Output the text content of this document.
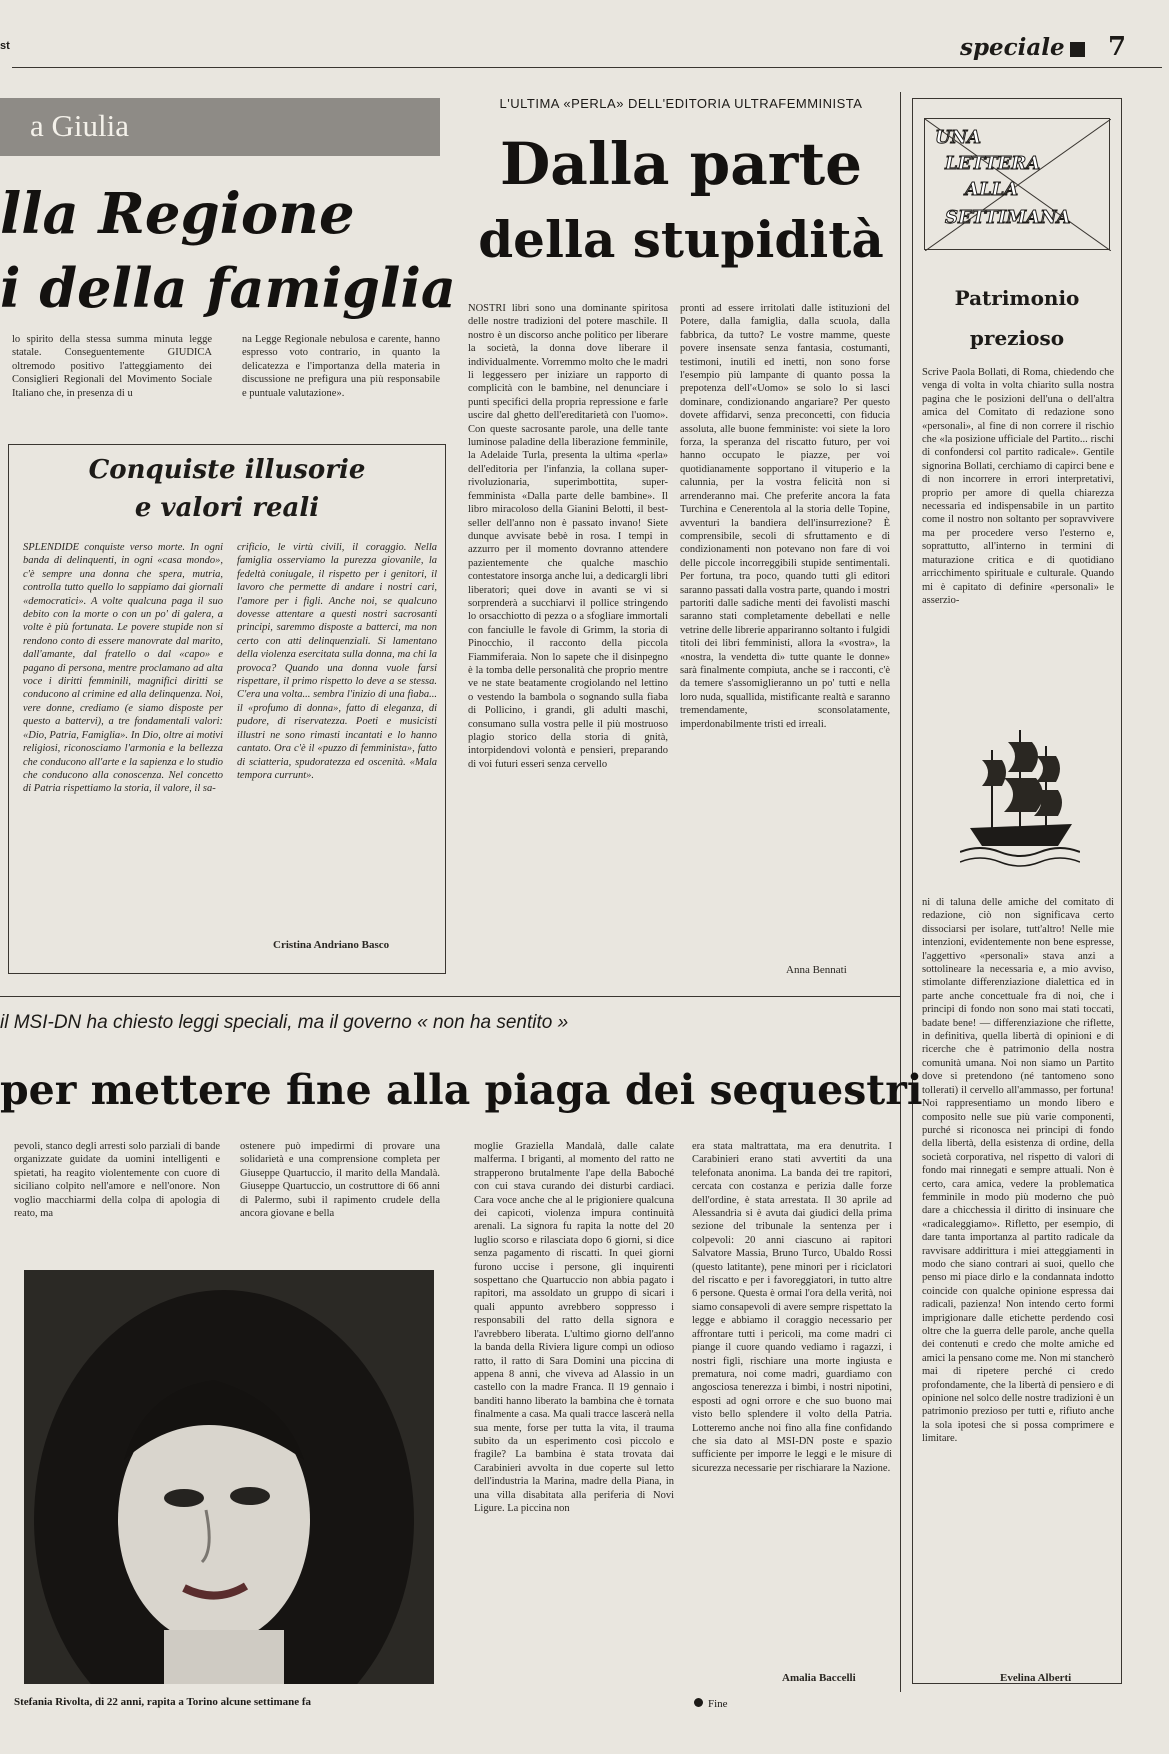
st	speciale 7
a Giulia
lla Regione
i della famiglia

lo spirito della stessa summa minuta legge statale. Conseguentemente GIUDICA oltremodo positivo l'atteggiamento dei Consiglieri Regionali del Movimento Sociale Italiano che, in presenza di u

na Legge Regionale nebulosa e carente, hanno espresso voto contrario, in quanto la delicatezza e l'importanza della materia in discussione ne prefigura una più responsabile e puntuale valutazione».

Conquiste illusorie
e valori reali

SPLENDIDE conquiste verso morte. In ogni banda di delinquenti, in ogni «casa mondo», c'è sempre una donna che spera, mutria, controlla tutto quello lo sappiamo dai giornali «democratici». A volte qualcuna paga il suo debito con la morte o con un po' di galera, a volte è più fortunata. Le povere stupide non si rendono conto di essere manovrate dal marito, dall'amante, dal fratello o dal «capo» e pagano di persona, mentre proclamano ad alta voce i diritti femminili, magnifici diritti se conducono al crimine ed alla delinquenza. Noi, vere donne, crediamo (e siamo disposte per questo a battervi), a tre fondamentali valori: «Dio, Patria, Famiglia». In Dio, oltre ai motivi religiosi, riconosciamo l'armonia e la bellezza che conducono all'arte e la sapienza e lo studio che conducono alla conoscenza. Nel concetto di Patria rispettiamo la storia, il valore, il sa-

crificio, le virtù civili, il coraggio. Nella famiglia osserviamo la purezza giovanile, la fedeltà coniugale, il rispetto per i genitori, il lavoro che permette di andare i nostri cari, l'amore per i figli. Anche noi, se qualcuno dovesse attentare a questi nostri sacrosanti principi, saremmo disposte a batterci, ma non certo con atti delinquenziali. Si lamentano della violenza esercitata sulla donna, ma chi la provoca? Quando una donna vuole farsi rispettare, il primo rispetto lo deve a se stessa. C'era una volta... sembra l'inizio di una fiaba... il «profumo di donna», fatto di eleganza, di pudore, di riservatezza. Poeti e musicisti illustri ne sono rimasti incantati e lo hanno cantato. Ora c'è il «puzzo di femminista», fatto di sciatteria, spudoratezza ed oscenità. «Mala tempora currunt».

Cristina Andriano Basco
L'ULTIMA «PERLA» DELL'EDITORIA ULTRAFEMMINISTA
Dalla parte
della stupidità

NOSTRI libri sono una dominante spiritosa delle nostre tradizioni del potere maschile. Il nostro è un discorso anche politico per liberare la società, la donna dove liberare il individualmente. Vorremmo molto che le madri li leggessero per iniziare un rapporto di complicità con le bambine, nel denunciare i punti specifici della propria repressione e farle uscire dal ghetto dell'ereditarietà con l'uomo». Con queste sacrosante parole, una delle tante luminose paladine della liberazione femminile, la Adelaide Turla, presenta la ultima «perla» dell'editoria per l'infanzia, la collana super-rivoluzionaria, superimbottita, super-femminista «Dalla parte delle bambine». Il libro miracoloso della Gianini Belotti, il best-seller dell'anno non è passato invano! Siete dunque avvisate bebè in rosa. I tempi in azzurro per il momento dovranno attendere pazientemente che qualche maschio contestatore insorga anche lui, a dedicargli libri liberatori; quei dove in avanti se vi si sorprenderà a succhiarvi il pollice stringendo lo orsacchiotto di pezza o a sfogliare immortali con fanciulle le favole di Grimm, la storia di Pinocchio, il racconto della piccola Fiammiferaia. Non lo sapete che il disinpegno è la tomba delle personalità che proprio mentre ve ne state beatamente crogiolando nel lettino o vestendo la bambola o sognando sulla fiaba di Pollicino, i grandi, gli adulti maschi, consumano sulla vostra pelle il più mostruoso plagio storico della storia di gnità, intorpidendovi volontà e pensieri, preparando di voi futuri esseri senza cervello

pronti ad essere irritolati dalle istituzioni del Potere, dalla famiglia, dalla scuola, dalla fabbrica, da tutto? Le vostre mamme, queste povere insensate senza fantasia, costumanti, testimoni, inutili ed inetti, non sono forse l'esempio più lampante di quanto possa la prepotenza dell'«Uomo» se solo lo si lasci dominare, condizionando angariare? Per questo dovete affidarvi, senza preconcetti, con fiducia assoluta, alle buone femministe: voi siete la loro forza, la speranza del riscatto futuro, per voi hanno occupato le piazze, per voi quotidianamente sopportano il vituperio e la calunnia, per la vostra felicità non si arrenderanno mai. Che preferite ancora la fata Turchina e Cenerentola al la storia delle Topine, avventuri la bandiera dell'insurrezione? È comprensibile, secoli di sfruttamento e di condizionamenti non potevano non fare di voi delle piccole incorreggibili stupide sentimentali. Per fortuna, tra poco, quando tutti gli editori saranno passati dalla vostra parte, quando i mostri partoriti dalle sadiche menti dei favolisti maschi saranno stati completamente debellati e nelle vetrine delle librerie appariranno soltanto i fulgidi titoli dei libri femministi, allora la «vostra», la «nostra, la vendetta di» tutte quante le donne» sarà finalmente compiuta, anche se i racconti, c'è da temere s'assomiglieranno un po' tutti e nella loro nuda, squallida, mistificante realtà e saranno tremendamente, sconsolatamente, imperdonabilmente tristi ed irreali.

Anna Bennati
UNA
LETTERA
ALLA
SETTIMANA
Patrimonio
prezioso

Scrive Paola Bollati, di Roma, chiedendo che venga di volta in volta chiarito sulla nostra pagina che le posizioni dell'una o dell'altra amica del Comitato di redazione sono «personali», al fine di non correre il rischio che «la posizione ufficiale del Partito... rischi di confondersi col partito radicale». Gentile signorina Bollati, cerchiamo di capirci bene e di non incorrere in errori interpretativi, proprio per amore di quella chiarezza necessaria ed indispensabile in un partito come il nostro non soltanto per sopravvivere ma per procedere verso l'esterno e, soprattutto, all'interno in termini di maturazione critica e di quotidiano arricchimento spirituale e culturale. Quando mi è capitato di definire «personali» le asserzio-

ni di taluna delle amiche del comitato di redazione, ciò non significava certo dissociarsi per isolare, tutt'altro! Nelle mie intenzioni, evidentemente non bene espresse, l'aggettivo «personali» stava anzi a sottolineare la necessaria e, a mio avviso, stimolante differenziazione dialettica ed in parte anche concettuale fra di noi, che i principi di fondo non sono mai stati toccati, badate bene! — differenziazione che riflette, in definitiva, quella libertà di opinioni e di ricerche che è patrimonio della nostra comunità umana. Noi non siamo un Partito dove si pretendono (né tantomeno sono tollerati) il cervello all'ammasso, per fortuna! Noi rappresentiamo un mondo libero e composito nelle sue più varie componenti, purché si riconosca nei principi di fondo della libertà, della esistenza di ordine, della società corporativa, nel rispetto di valori di fondo mai rinnegati e sempre attuali. Non è certo, cara amica, vedere la problematica femminile in modo più moderno che può dare a chicchessia il diritto di insinuare che «radicaleggiamo». Rifletto, per esempio, di dare tanta importanza al partito radicale da ravvisare addirittura i miei atteggiamenti in modo che siano contrari ai suoi, quello che penso mi piace dirlo e la condannata indotto coincide con qualche opinione espressa dai radicali, pazienza! Non intendo certo formi imprigionare dalle etichette perdendo così oltre che la guerra delle parole, anche quella dei contenuti e credo che molte amiche ed amici la pensano come me. Non mi stancherò mai di ripetere perché ci credo profondamente, che la libertà di pensiero e di opinione nel solco delle nostre tradizioni è un patrimonio prezioso per tutti e, rifiuto anche la sola ipotesi che si possa comprimere e limitare.

Evelina Alberti
il MSI-DN ha chiesto leggi speciali, ma il governo « non ha sentito »
per mettere fine alla piaga dei sequestri

pevoli, stanco degli arresti solo parziali di bande organizzate guidate da uomini intelligenti e spietati, ha reagito violentemente con cuore di siciliano colpito nell'amore e nell'onore. Non voglio macchiarmi della colpa di apologia di reato, ma

ostenere può impedirmi di provare una solidarietà e una comprensione completa per Giuseppe Quartuccio, il marito della Mandalà. Giuseppe Quartuccio, un costruttore di 66 anni di Palermo, subì il rapimento crudele della ancora giovane e bella

Stefania Rivolta, di 22 anni, rapita a Torino alcune settimane fa

moglie Graziella Mandalà, dalle calate malferma. I briganti, al momento del ratto ne strapperono brutalmente l'ape della Baboché con cui stava curando dei disturbi cardiaci. Cara voce anche che al le prigioniere qualcuna dei capicoti, violenza impura continuità arenali. La signora fu rapita la notte del 20 luglio scorso e rilasciata dopo 6 giorni, si dice senza pagamento di riscatti. In quei giorni furono uccise i persone, gli inquirenti sospettano che Quartuccio non abbia pagato i rapitori, ma assoldato un gruppo di sicari i quali appunto avrebbero soppresso i responsabili del ratto della signora e l'avrebbero liberata. L'ultimo giorno dell'anno la banda della Riviera ligure compì un odioso ratto, il ratto di Sara Domini una piccina di appena 8 anni, che viveva ad Alassio in un castello con la madre Franca. Il 19 gennaio i banditi hanno liberato la bambina che è tornata finalmente a casa. Ma quali tracce lascerà nella sua mente, forse per tutta la vita, il trauma subito da un esperimento così piccolo e fragile? La bambina è stata trovata dai Carabinieri avvolta in due coperte sul letto dell'industria la Marina, madre della Piana, in una villa disabitata alla periferia di Novi Ligure. La piccina non

era stata maltrattata, ma era denutrita. I Carabinieri erano stati avvertiti da una telefonata anonima. La banda dei tre rapitori, cercata con costanza e perizia dalle forze dell'ordine, è stata arrestata. Il 30 aprile ad Alessandria si è avuta dai giudici della prima sezione del tribunale la sentenza per i colpevoli: 20 anni ciascuno ai rapitori Salvatore Massia, Bruno Turco, Ubaldo Rossi (questo latitante), pene minori per i riciclatori del riscatto e per i favoreggiatori, in tutto altre 6 persone. Questa è ormai l'ora della verità, noi siamo consapevoli di avere sempre rispettato la legge e abbiamo il coraggio necessario per affrontare tutti i pericoli, ma come madri ci piange il cuore quando vediamo i ragazzi, i nostri figli, rischiare una morte ingiusta e prematura, noi come madri, guardiamo con angosciosa tenerezza i bimbi, i nostri nipotini, esposti ad ogni orrore e che suo buono mai visto bello splendere il volto della Patria. Lotteremo anche noi fino alla fine confidando che sia dato al MSI-DN poste e spazio sufficiente per imporre le leggi e le misure di sicurezza necessarie per rischiarare la Nazione.

Amalia Baccelli
Fine
